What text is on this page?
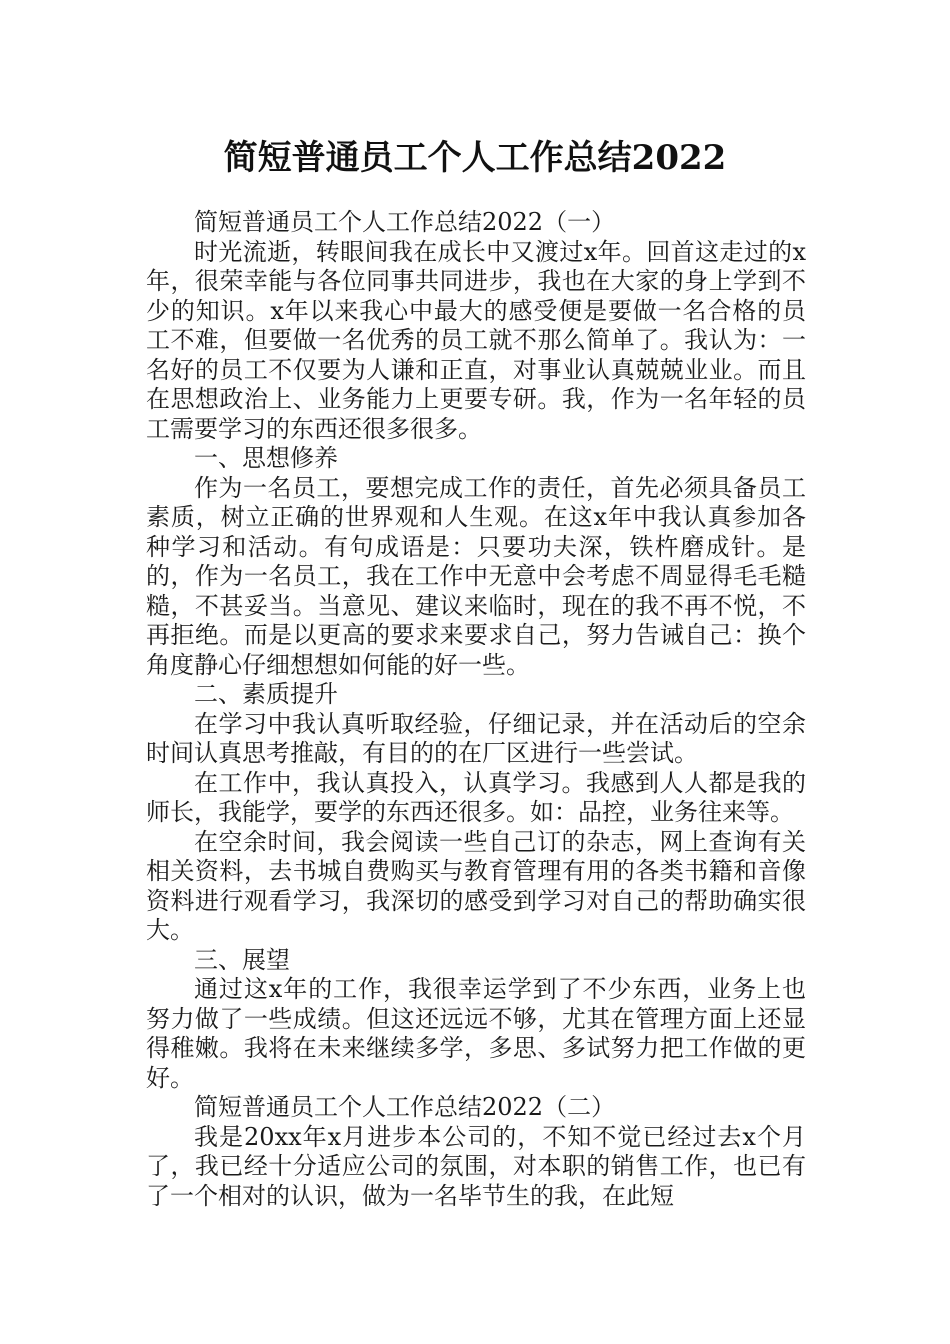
简短普通员工个人工作总结2022

简短普通员工个人工作总结2022（一）

时光流逝，转眼间我在成长中又渡过x年。回首这走过的x年，很荣幸能与各位同事共同进步，我也在大家的身上学到不少的知识。x年以来我心中最大的感受便是要做一名合格的员工不难，但要做一名优秀的员工就不那么简单了。我认为：一名好的员工不仅要为人谦和正直，对事业认真兢兢业业。而且在思想政治上、业务能力上更要专研。我，作为一名年轻的员工需要学习的东西还很多很多。

一、思想修养

作为一名员工，要想完成工作的责任，首先必须具备员工素质，树立正确的世界观和人生观。在这x年中我认真参加各种学习和活动。有句成语是：只要功夫深，铁杵磨成针。是的，作为一名员工，我在工作中无意中会考虑不周显得毛毛糙糙，不甚妥当。当意见、建议来临时，现在的我不再不悦，不再拒绝。而是以更高的要求来要求自己，努力告诫自己：换个角度静心仔细想想如何能的好一些。

二、素质提升

在学习中我认真听取经验，仔细记录，并在活动后的空余时间认真思考推敲，有目的的在厂区进行一些尝试。

在工作中，我认真投入，认真学习。我感到人人都是我的师长，我能学，要学的东西还很多。如：品控，业务往来等。

在空余时间，我会阅读一些自己订的杂志，网上查询有关相关资料，去书城自费购买与教育管理有用的各类书籍和音像资料进行观看学习，我深切的感受到学习对自己的帮助确实很大。

三、展望

通过这x年的工作，我很幸运学到了不少东西，业务上也努力做了一些成绩。但这还远远不够，尤其在管理方面上还显得稚嫩。我将在未来继续多学，多思、多试努力把工作做的更好。

简短普通员工个人工作总结2022（二）

我是20xx年x月进步本公司的，不知不觉已经过去x个月了，我已经十分适应公司的氛围，对本职的销售工作，也已有了一个相对的认识，做为一名毕节生的我，在此短
